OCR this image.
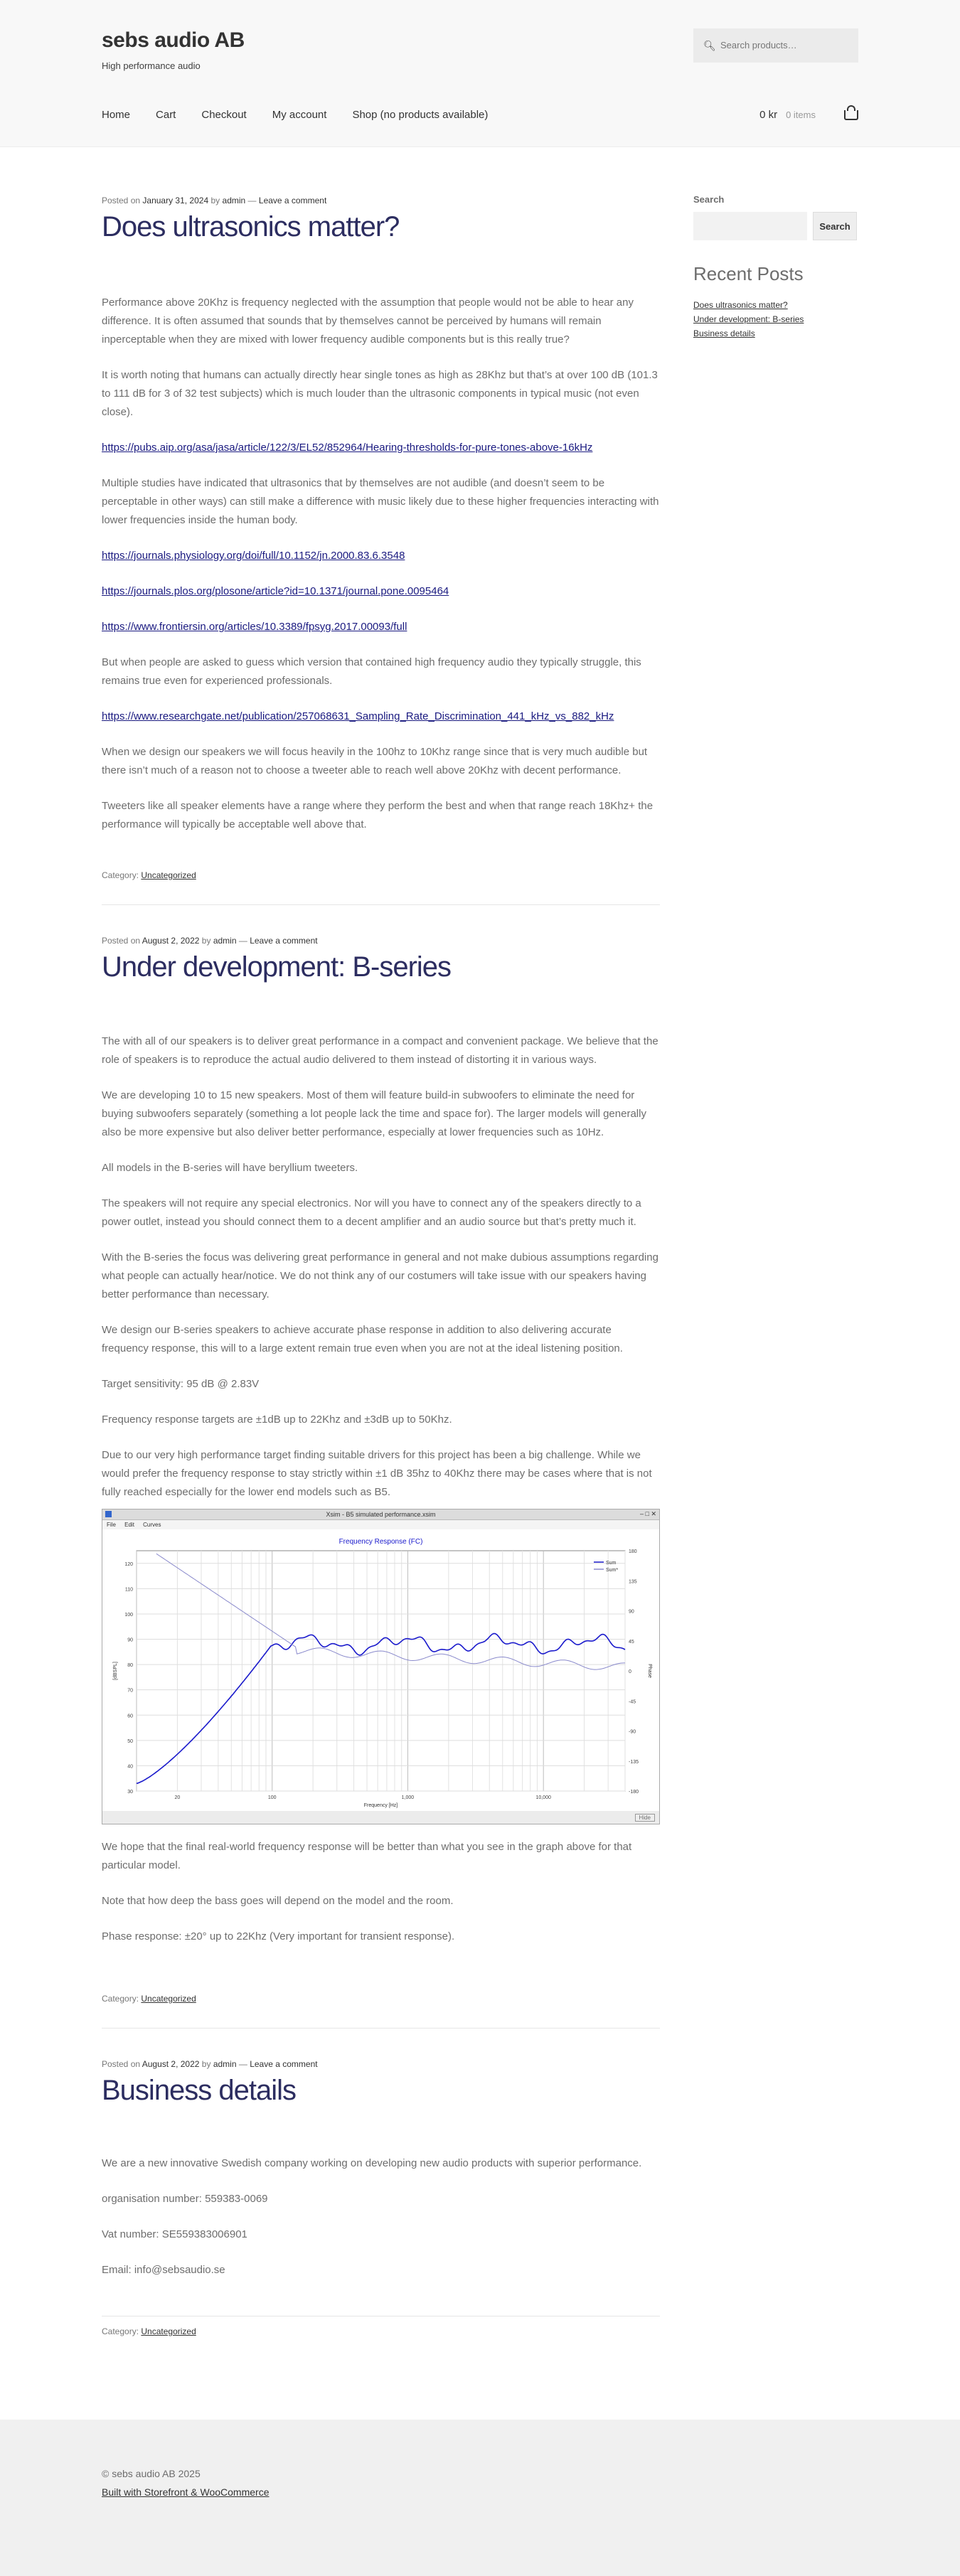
sebs audio AB
High performance audio
🔍︎ Search products…
Home Cart Checkout My account Shop (no products available)	0 kr 0 items
Search
Search
Recent Posts
Does ultrasonics matter?
Under development: B-series
Business details
Posted on January 31, 2024 by admin — Leave a comment
Does ultrasonics matter?

Performance above 20Khz is frequency neglected with the assumption that people would not be able to hear any difference. It is often assumed that sounds that by themselves cannot be perceived by humans will remain inperceptable when they are mixed with lower frequency audible components but is this really true?

It is worth noting that humans can actually directly hear single tones as high as 28Khz but that’s at over 100 dB (101.3 to 111 dB for 3 of 32 test subjects) which is much louder than the ultrasonic components in typical music (not even close).

https://pubs.aip.org/asa/jasa/article/122/3/EL52/852964/Hearing-thresholds-for-pure-tones-above-16kHz

Multiple studies have indicated that ultrasonics that by themselves are not audible (and doesn’t seem to be perceptable in other ways) can still make a difference with music likely due to these higher frequencies interacting with lower frequencies inside the human body.

https://journals.physiology.org/doi/full/10.1152/jn.2000.83.6.3548

https://journals.plos.org/plosone/article?id=10.1371/journal.pone.0095464

https://www.frontiersin.org/articles/10.3389/fpsyg.2017.00093/full

But when people are asked to guess which version that contained high frequency audio they typically struggle, this remains true even for experienced professionals.

https://www.researchgate.net/publication/257068631_Sampling_Rate_Discrimination_441_kHz_vs_882_kHz

When we design our speakers we will focus heavily in the 100hz to 10Khz range since that is very much audible but there isn’t much of a reason not to choose a tweeter able to reach well above 20Khz with decent performance.

Tweeters like all speaker elements have a range where they perform the best and when that range reach 18Khz+ the performance will typically be acceptable well above that.

Category: Uncategorized
Posted on August 2, 2022 by admin — Leave a comment
Under development: B-series

The with all of our speakers is to deliver great performance in a compact and convenient package. We believe that the role of speakers is to reproduce the actual audio delivered to them instead of distorting it in various ways.

We are developing 10 to 15 new speakers. Most of them will feature build-in subwoofers to eliminate the need for buying subwoofers separately (something a lot people lack the time and space for). The larger models will generally also be more expensive but also deliver better performance, especially at lower frequencies such as 10Hz.

All models in the B-series will have beryllium tweeters.

The speakers will not require any special electronics. Nor will you have to connect any of the speakers directly to a power outlet, instead you should connect them to a decent amplifier and an audio source but that’s pretty much it.

With the B-series the focus was delivering great performance in general and not make dubious assumptions regarding what people can actually hear/notice. We do not think any of our costumers will take issue with our speakers having better performance than necessary.

We design our B-series speakers to achieve accurate phase response in addition to also delivering accurate frequency response, this will to a large extent remain true even when you are not at the ideal listening position.

Target sensitivity: 95 dB @ 2.83V

Frequency response targets are ±1dB up to 22Khz and ±3dB up to 50Khz.

Due to our very high performance target finding suitable drivers for this project has been a big challenge. While we would prefer the frequency response to stay strictly within ±1 dB 35hz to 40Khz there may be cases where that is not fully reached especially for the lower end models such as B5.

Xsim - B5 simulated performance.xsim	– □ ✕
File Edit Curves
30
40
50
60
70
80
90
100
110
120
-180
-135
-90
-45
0
45
90
135
180
20	100	1,000	10,000
Frequency Response (FC)
Frequency [Hz]
[dBSPL]	Phase
Sum
Sum*
Hide

We hope that the final real-world frequency response will be better than what you see in the graph above for that particular model.

Note that how deep the bass goes will depend on the model and the room.

Phase response: ±20° up to 22Khz (Very important for transient response).

Category: Uncategorized
Posted on August 2, 2022 by admin — Leave a comment
Business details

We are a new innovative Swedish company working on developing new audio products with superior performance.

organisation number: 559383-0069

Vat number: SE559383006901

Email: info@sebsaudio.se

Category: Uncategorized
© sebs audio AB 2025
Built with Storefront & WooCommerce
